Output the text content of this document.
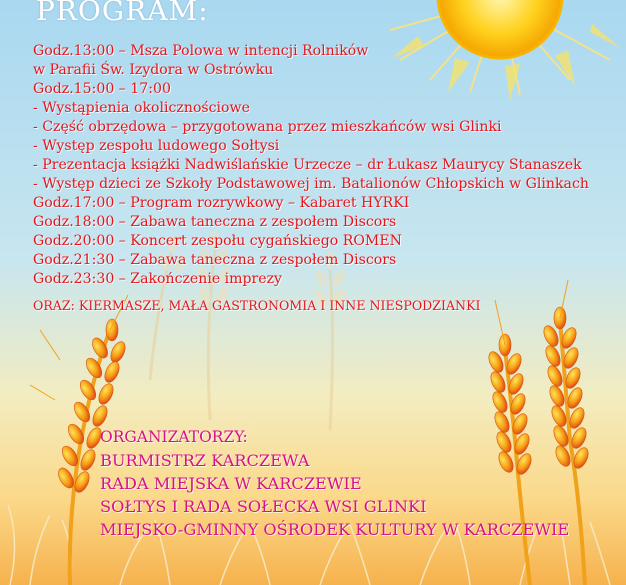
PROGRAM:
Godz.13:00 – Msza Polowa w intencji Rolników
w Parafii Św. Izydora w Ostrówku
Godz.15:00 – 17:00
- Wystąpienia okolicznościowe
- Część obrzędowa – przygotowana przez mieszkańców wsi Glinki
- Występ zespołu ludowego Sołtysi
- Prezentacja książki Nadwiślańskie Urzecze – dr Łukasz Maurycy Stanaszek
- Występ dzieci ze Szkoły Podstawowej im. Batalionów Chłopskich w Glinkach
Godz.17:00 – Program rozrywkowy – Kabaret HYRKI
Godz.18:00 – Zabawa taneczna z zespołem Discors
Godz.20:00 – Koncert zespołu cygańskiego ROMEN
Godz.21:30 – Zabawa taneczna z zespołem Discors
Godz.23:30 – Zakończenie imprezy
ORAZ: KIERMASZE, MAŁA GASTRONOMIA I INNE NIESPODZIANKI
ORGANIZATORZY:
BURMISTRZ KARCZEWA
RADA MIEJSKA W KARCZEWIE
SOŁTYS I RADA SOŁECKA WSI GLINKI
MIEJSKO-GMINNY OŚRODEK KULTURY W KARCZEWIE
